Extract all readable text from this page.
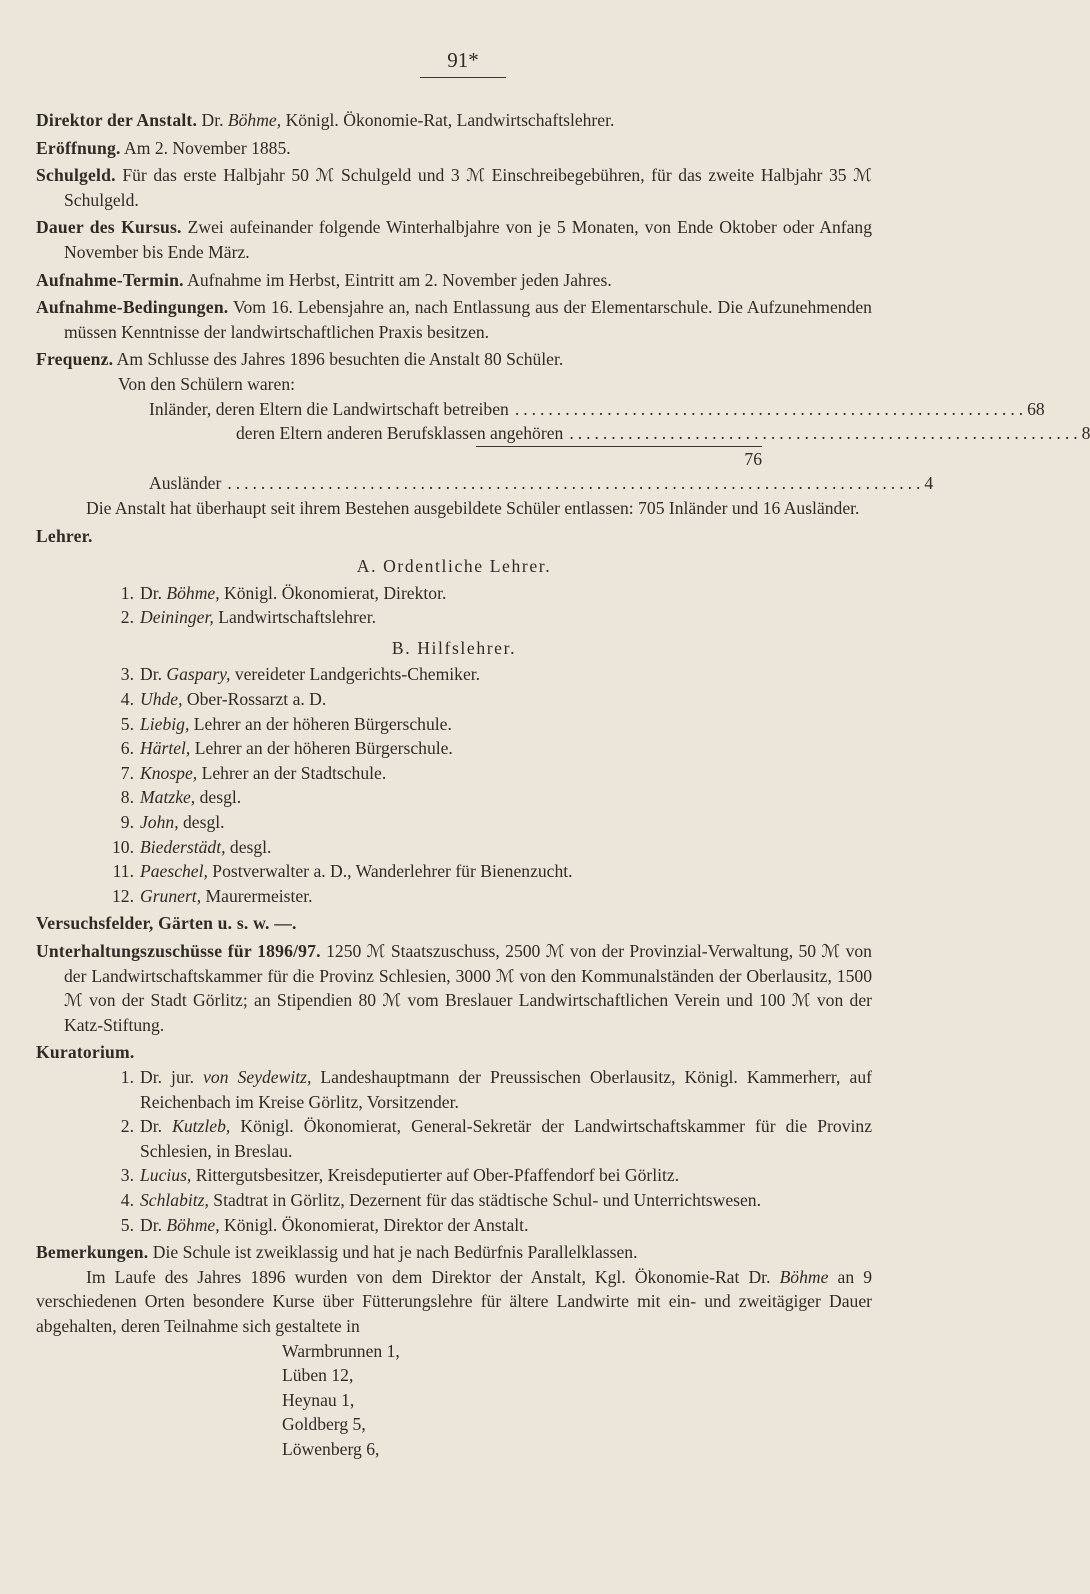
91*

Direktor der Anstalt. Dr. Böhme, Königl. Ökonomie-Rat, Landwirtschaftslehrer.

Eröffnung. Am 2. November 1885.

Schulgeld. Für das erste Halbjahr 50 ℳ Schulgeld und 3 ℳ Einschreibegebühren, für das zweite Halbjahr 35 ℳ Schulgeld.

Dauer des Kursus. Zwei aufeinander folgende Winterhalbjahre von je 5 Monaten, von Ende Oktober oder Anfang November bis Ende März.

Aufnahme-Termin. Aufnahme im Herbst, Eintritt am 2. November jeden Jahres.

Aufnahme-Bedingungen. Vom 16. Lebensjahre an, nach Entlassung aus der Elementarschule. Die Aufzunehmenden müssen Kenntnisse der landwirtschaftlichen Praxis besitzen.

Frequenz. Am Schlusse des Jahres 1896 besuchten die Anstalt 80 Schüler.

Von den Schülern waren:

Inländer, deren Eltern die Landwirtschaft betreiben ............................................................. 68
deren Eltern anderen Berufsklassen angehören ............................................................. 8

76

Ausländer ................................................................................... 4

Die Anstalt hat überhaupt seit ihrem Bestehen ausgebildete Schüler entlassen: 705 Inländer und 16 Ausländer.

Lehrer.

A. Ordentliche Lehrer.

1. Dr. Böhme, Königl. Ökonomierat, Direktor.
2. Deininger, Landwirtschaftslehrer.

B. Hilfslehrer.

3. Dr. Gaspary, vereideter Landgerichts-Chemiker.
4. Uhde, Ober-Rossarzt a. D.
5. Liebig, Lehrer an der höheren Bürgerschule.
6. Härtel, Lehrer an der höheren Bürgerschule.
7. Knospe, Lehrer an der Stadtschule.
8. Matzke, desgl.
9. John, desgl.
10. Biederstädt, desgl.
11. Paeschel, Postverwalter a. D., Wanderlehrer für Bienenzucht.
12. Grunert, Maurermeister.

Versuchsfelder, Gärten u. s. w. —.

Unterhaltungszuschüsse für 1896/97. 1250 ℳ Staatszuschuss, 2500 ℳ von der Provinzial-Verwaltung, 50 ℳ von der Landwirtschaftskammer für die Provinz Schlesien, 3000 ℳ von den Kommunalständen der Oberlausitz, 1500 ℳ von der Stadt Görlitz; an Stipendien 80 ℳ vom Breslauer Landwirtschaftlichen Verein und 100 ℳ von der Katz-Stiftung.

Kuratorium.

1. Dr. jur. von Seydewitz, Landeshauptmann der Preussischen Oberlausitz, Königl. Kammerherr, auf Reichenbach im Kreise Görlitz, Vorsitzender.
2. Dr. Kutzleb, Königl. Ökonomierat, General-Sekretär der Landwirtschaftskammer für die Provinz Schlesien, in Breslau.
3. Lucius, Rittergutsbesitzer, Kreisdeputierter auf Ober-Pfaffendorf bei Görlitz.
4. Schlabitz, Stadtrat in Görlitz, Dezernent für das städtische Schul- und Unterrichtswesen.
5. Dr. Böhme, Königl. Ökonomierat, Direktor der Anstalt.

Bemerkungen. Die Schule ist zweiklassig und hat je nach Bedürfnis Parallelklassen.

Im Laufe des Jahres 1896 wurden von dem Direktor der Anstalt, Kgl. Ökonomie-Rat Dr. Böhme an 9 verschiedenen Orten besondere Kurse über Fütterungslehre für ältere Landwirte mit ein- und zweitägiger Dauer abgehalten, deren Teilnahme sich gestaltete in

Warmbrunnen 1,

Lüben 12,

Heynau 1,

Goldberg 5,

Löwenberg 6,
